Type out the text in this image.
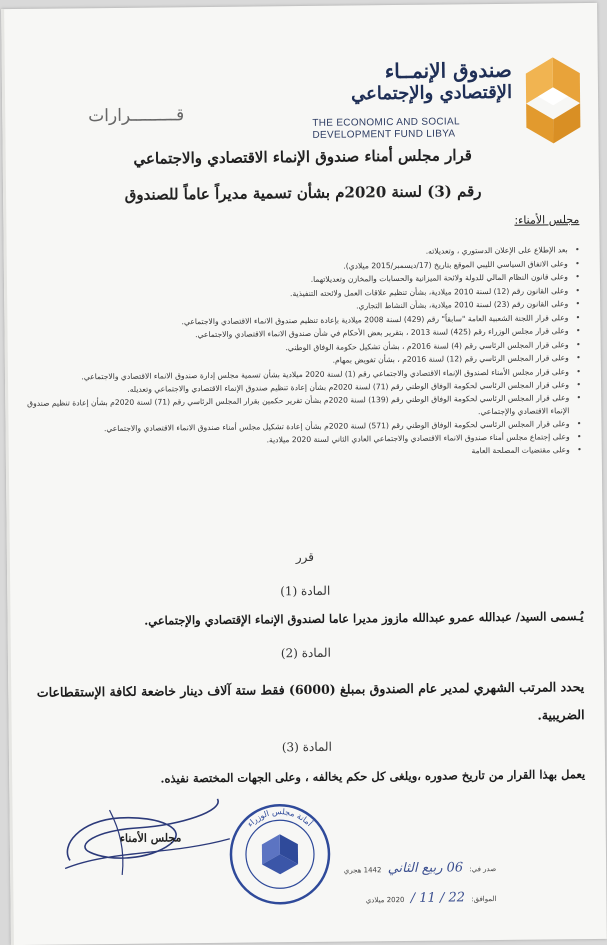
صندوق الإنمــاء
الإقتصادي والإجتماعي
THE ECONOMIC AND SOCIAL
DEVELOPMENT FUND LIBYA
قـــــــــرارات
قرار مجلس أمناء صندوق الإنماء الاقتصادي والاجتماعي
رقم (3) لسنة 2020م بشأن تسمية مديراً عاماً للصندوق
مجلس الأمناء:
• بعد الإطلاع على الإعلان الدستوري ، وتعديلاته.
• وعلى الاتفاق السياسي الليبي الموقع بتاريخ (17/ديسمبر/2015 ميلادي).
• وعلى قانون النظام المالي للدولة ولائحة الميزانية والحسابات والمخازن وتعديلاتهما.
• وعلى القانون رقم (12) لسنة 2010 ميلادية، بشأن تنظيم علاقات العمل ولائحته التنفيذية.
• وعلى القانون رقم (23) لسنة 2010 ميلادية، بشأن النشاط التجاري.
• وعلى قرار اللجنة الشعبية العامة "سابقاً" رقم (429) لسنة 2008 ميلادية بإعادة تنظيم صندوق الانماء الاقتصادي والاجتماعي.
• وعلى قرار مجلس الوزراء رقم (425) لسنة 2013 ، بتقرير بعض الأحكام في شأن صندوق الانماء الاقتصادي والاجتماعي.
• وعلى قرار المجلس الرئاسي رقم (4) لسنة 2016م ، بشأن تشكيل حكومة الوفاق الوطني.
• وعلى قرار المجلس الرئاسي رقم (12) لسنة 2016م ، بشأن تفويض بمهام.
• وعلى قرار مجلس الأمناء لصندوق الإنماء الاقتصادي والاجتماعي رقم (1) لسنة 2020 ميلادية بشأن تسمية مجلس إدارة صندوق الانماء الاقتصادي والاجتماعي.
• وعلى قرار المجلس الرئاسي لحكومة الوفاق الوطني رقم (71) لسنة 2020م بشأن إعادة تنظيم صندوق الإنماء الاقتصادي والاجتماعي وتعديله.
• وعلى قرار المجلس الرئاسي لحكومة الوفاق الوطني رقم (139) لسنة 2020م بشأن تقرير حكمين بقرار المجلس الرئاسي رقم (71) لسنة 2020م بشأن إعادة تنظيم صندوق الإنماء الاقتصادي والإجتماعي.
• وعلى قرار المجلس الرئاسي لحكومة الوفاق الوطني رقم (571) لسنة 2020م بشأن إعادة تشكيل مجلس أمناء صندوق الانماء الاقتصادي والاجتماعي.
• وعلى إجتماع مجلس أمناء صندوق الانماء الاقتصادي والاجتماعي العادي الثاني لسنة 2020 ميلادية.
• وعلى مقتضيات المصلحة العامة
قرر
المادة (1)
يُـسمى السيد/ عبدالله عمرو عبدالله مازوز مديرا عاما لصندوق الإنماء الإقتصادي والإجتماعي.
المادة (2)
يحدد المرتب الشهري لمدير عام الصندوق بمبلغ (6000) فقط ستة آلاف دينار خاضعة لكافة الإستقطاعات الضريبية.
المادة (3)
يعمل بهذا القرار من تاريخ صدوره ،ويلغى كل حكم يخالفه ، وعلى الجهات المختصة نفيذه.
مجلس الأمناء
أمانة مجلس الوزراء
صدر في: 06 ربيع الثاني 1442 هجري
الموافق: 22 / 11 / 2020 ميلادي
